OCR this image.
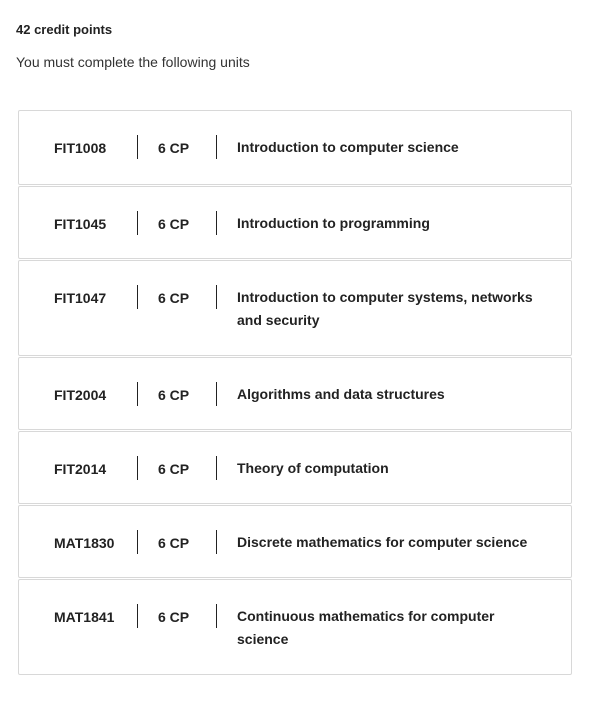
42 credit points
You must complete the following units
FIT1008	6 CP	Introduction to computer science
FIT1045	6 CP	Introduction to programming
FIT1047	6 CP	Introduction to computer systems, networks and security
FIT2004	6 CP	Algorithms and data structures
FIT2014	6 CP	Theory of computation
MAT1830	6 CP	Discrete mathematics for computer science
MAT1841	6 CP	Continuous mathematics for computer science
